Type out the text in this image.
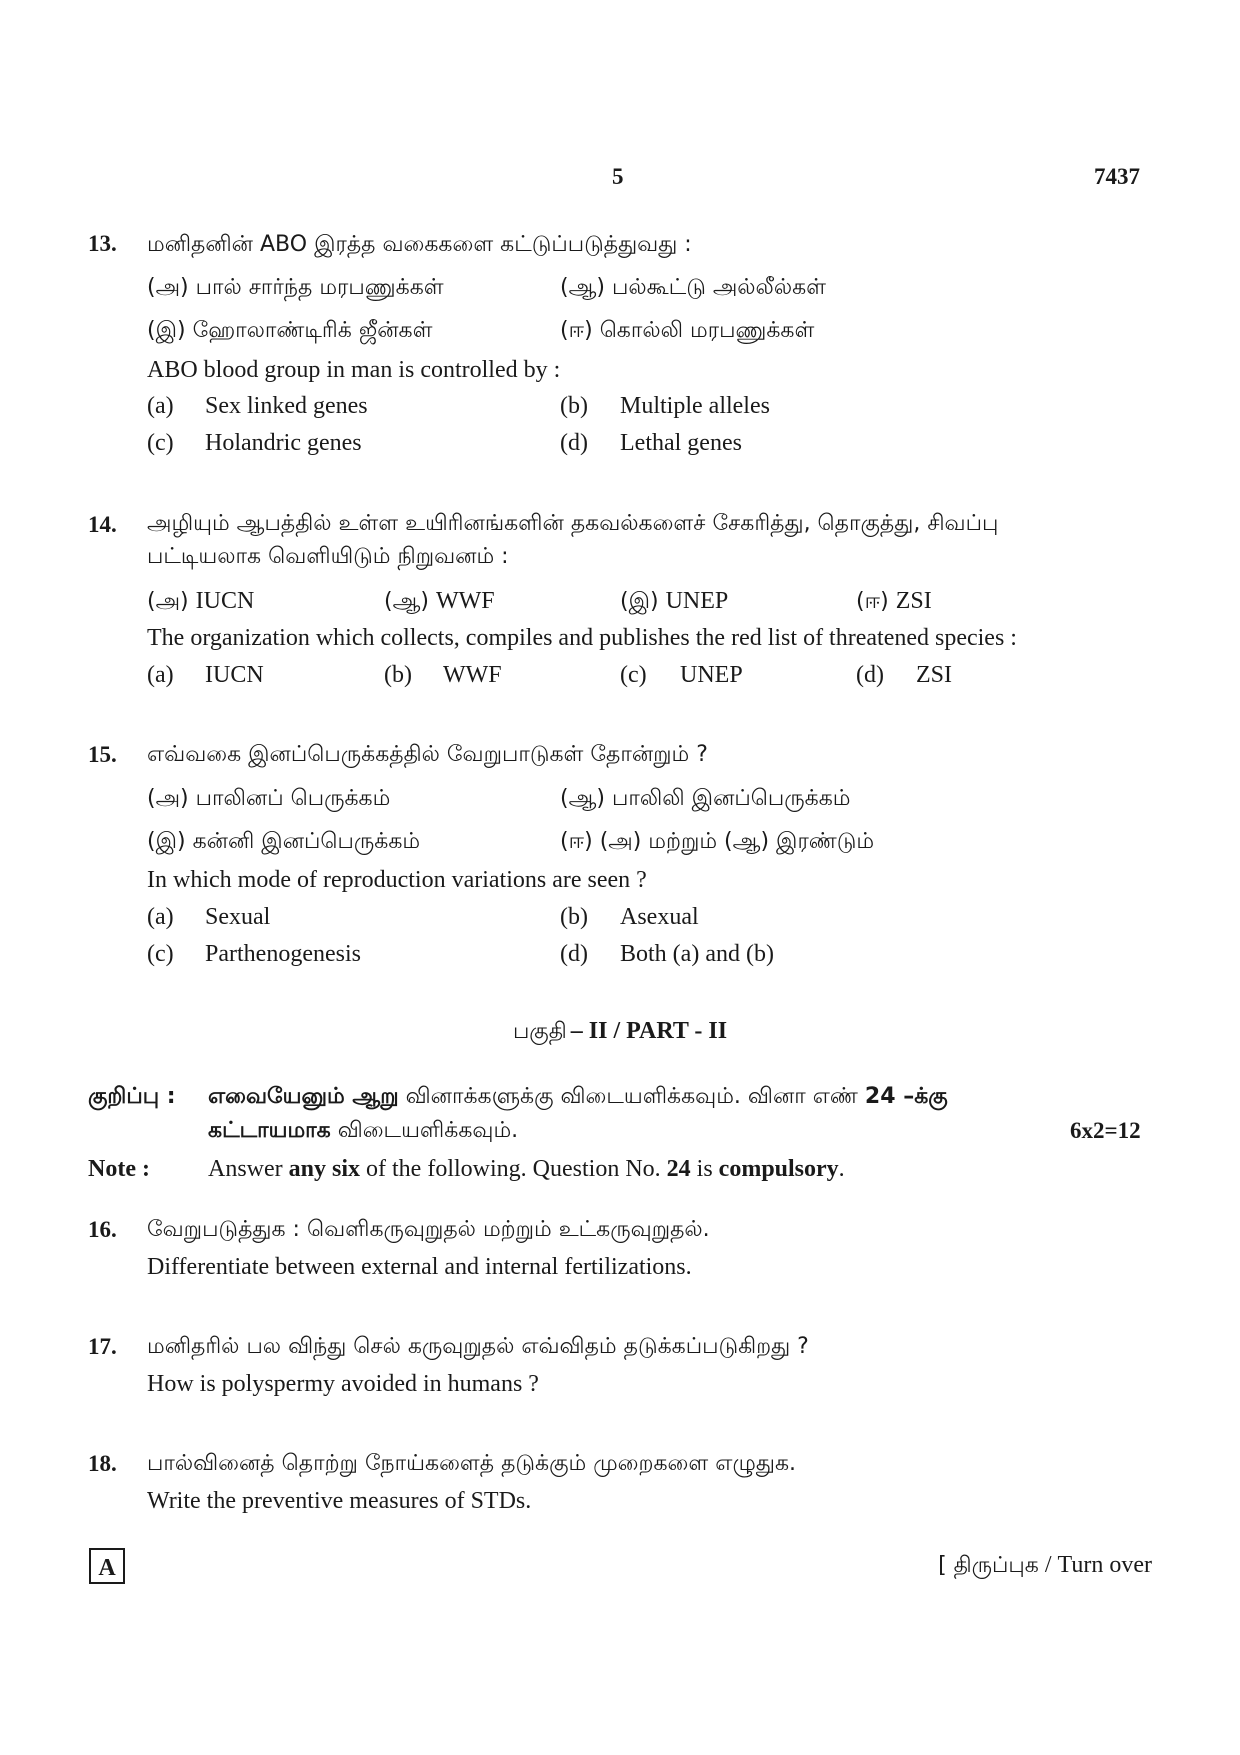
5	7437
13. மனிதனின் ABO இரத்த வகைகளை கட்டுப்படுத்துவது :
(அ) பால் சார்ந்த மரபணுக்கள்	(ஆ) பல்கூட்டு அல்லீல்கள்
(இ) ஹோலாண்டிரிக் ஜீன்கள்	(ஈ) கொல்லி மரபணுக்கள்
ABO blood group in man is controlled by :
(a) Sex linked genes	(b) Multiple alleles
(c) Holandric genes	(d) Lethal genes
14. அழியும் ஆபத்தில் உள்ள உயிரினங்களின் தகவல்களைச் சேகரித்து, தொகுத்து, சிவப்பு
பட்டியலாக வெளியிடும் நிறுவனம் :
(அ) IUCN	(ஆ) WWF	(இ) UNEP	(ஈ) ZSI
The organization which collects, compiles and publishes the red list of threatened species :
(a) IUCN	(b) WWF	(c) UNEP	(d) ZSI
15. எவ்வகை இனப்பெருக்கத்தில் வேறுபாடுகள் தோன்றும் ?
(அ) பாலினப் பெருக்கம்	(ஆ) பாலிலி இனப்பெருக்கம்
(இ) கன்னி இனப்பெருக்கம்	(ஈ) (அ) மற்றும் (ஆ) இரண்டும்
In which mode of reproduction variations are seen ?
(a) Sexual	(b) Asexual
(c) Parthenogenesis	(d) Both (a) and (b)
பகுதி – II / PART - II
குறிப்பு : எவையேனும் ஆறு வினாக்களுக்கு விடையளிக்கவும். வினா எண் 24 –க்கு
கட்டாயமாக விடையளிக்கவும்.	6x2=12
Note : Answer any six of the following. Question No. 24 is compulsory.
16. வேறுபடுத்துக : வெளிகருவுறுதல் மற்றும் உட்கருவுறுதல்.
Differentiate between external and internal fertilizations.
17. மனிதரில் பல விந்து செல் கருவுறுதல் எவ்விதம் தடுக்கப்படுகிறது ?
How is polyspermy avoided in humans ?
18. பால்வினைத் தொற்று நோய்களைத் தடுக்கும் முறைகளை எழுதுக.
Write the preventive measures of STDs.
A	[ திருப்புக / Turn over
